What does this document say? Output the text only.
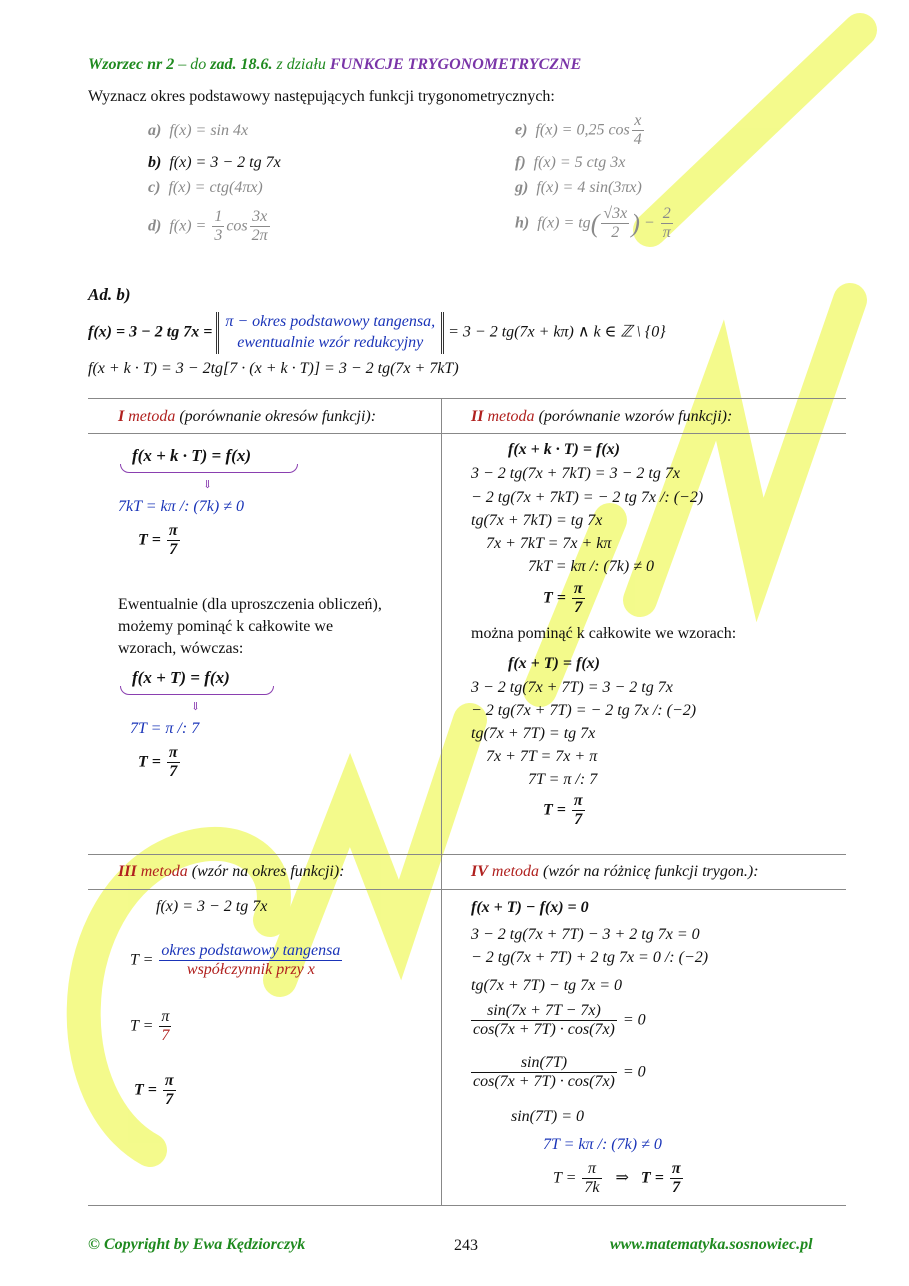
Wzorzec nr 2 – do zad. 18.6. z działu FUNKCJE TRYGONOMETRYCZNE
Wyznacz okres podstawowy następujących funkcji trygonometrycznych:
a) f(x) = sin 4x
b) f(x) = 3 − 2 tg 7x
c) f(x) = ctg(4πx)
d) $f(x) = \frac{1}{3}$ $\cos \frac{3x}{2\pi}$
e) f(x) = 0,25 $\cos \frac{x}{4}$
f) f(x) = 5 ctg 3x
g) f(x) = 4 sin(3πx)
h) $f(x) = tg( \frac{√3x}{2}$ ) − $\frac{2}{\pi}$
Ad. b)
f(x) = 3 − 2 tg 7x = π − okres podstawowy tangensa,
ewentualnie wzór redukcyjny = 3 − 2 tg(7x + kπ) ∧ k ∈ ℤ \ {0}
f(x + k · T) = 3 − 2tg[7 · (x + k · T)] = 3 − 2 tg(7x + 7kT)
I metoda (porównanie okresów funkcji):
f(x + k · T) = f(x)
⇓
7kT = kπ /: (7k) ≠ 0
$T = \frac{\pi}{7}$
Ewentualnie (dla uproszczenia obliczeń),
możemy pominąć k całkowite we
wzorach, wówczas:
f(x + T) = f(x)
⇓
7T = π /: 7
$T = \frac{\pi}{7}$
II metoda (porównanie wzorów funkcji):
f(x + k · T) = f(x)
3 − 2 tg(7x + 7kT) = 3 − 2 tg 7x
− 2 tg(7x + 7kT) = − 2 tg 7x /: (−2)
tg(7x + 7kT) = tg 7x
7x + 7kT = 7x + kπ
7kT = kπ /: (7k) ≠ 0
$T = \frac{\pi}{7}$
można pominąć k całkowite we wzorach:
f(x + T) = f(x)
3 − 2 tg(7x + 7T) = 3 − 2 tg 7x
− 2 tg(7x + 7T) = − 2 tg 7x /: (−2)
tg(7x + 7T) = tg 7x
7x + 7T = 7x + π
7T = π /: 7
$T = \frac{\pi}{7}$
III metoda (wzór na okres funkcji):
f(x) = 3 − 2 tg 7x
$T = \frac{\text{okres podstawowy tangensa}}{\text{współczynnik przy x}}$
$T = \frac{\pi}{7}$
$T = \frac{\pi}{7}$
IV metoda (wzór na różnicę funkcji trygon.):
f(x + T) − f(x) = 0
3 − 2 tg(7x + 7T) − 3 + 2 tg 7x = 0
− 2 tg(7x + 7T) + 2 tg 7x = 0 /: (−2)
tg(7x + 7T) − tg 7x = 0
$\frac{\sin(7x + 7T - 7x)}{\cos(7x + 7T) \cdot \cos(7x)} = 0$
$\frac{\sin(7T)}{\cos(7x + 7T) \cdot \cos(7x)} = 0$
sin(7T) = 0
7T = kπ /: (7k) ≠ 0
$T = \frac{\pi}{7k}$ ⇒ $T = \frac{\pi}{7}$
© Copyright by Ewa Kędziorczyk	243	www.matematyka.sosnowiec.pl
